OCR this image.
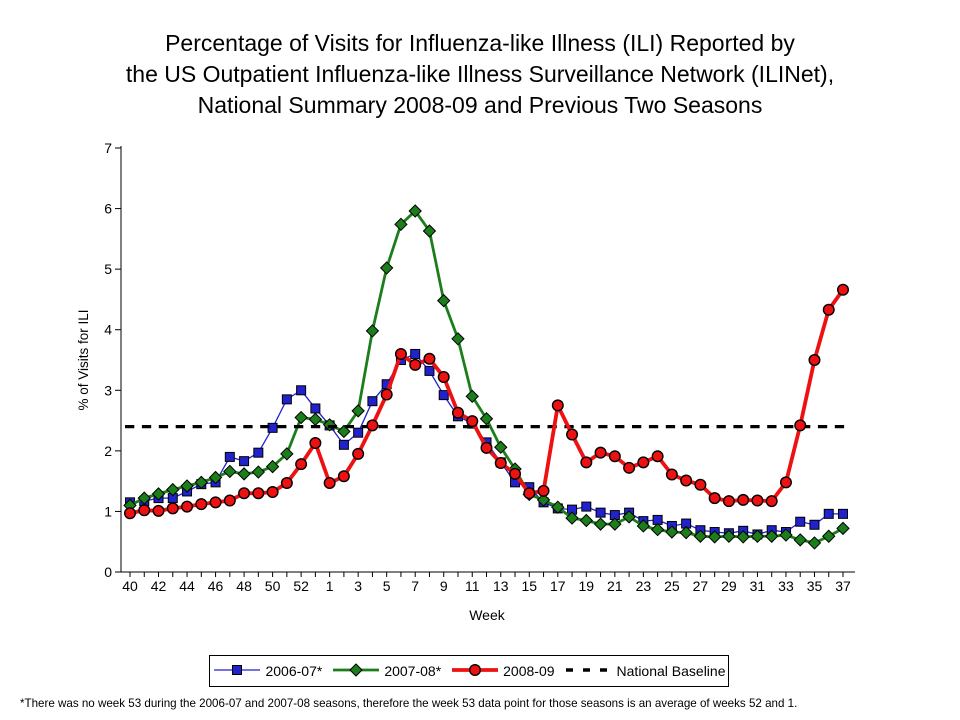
Percentage of Visits for Influenza-like Illness (ILI) Reported by
the US Outpatient Influenza-like Illness Surveillance Network (ILINet),
National Summary 2008-09 and Previous Two Seasons
0
1
2
3
4
5
6
7
40 42 44 46 48 50 52 1 3 5 7 9 11 13 15 17 19 21 23 25 27 29 31 33 35 37
Week
% of Visits for ILI
2006-07*	2007-08*	2008-09	National Baseline
*There was no week 53 during the 2006-07 and 2007-08 seasons, therefore the week 53 data point for those seasons is an average of weeks 52 and 1.
